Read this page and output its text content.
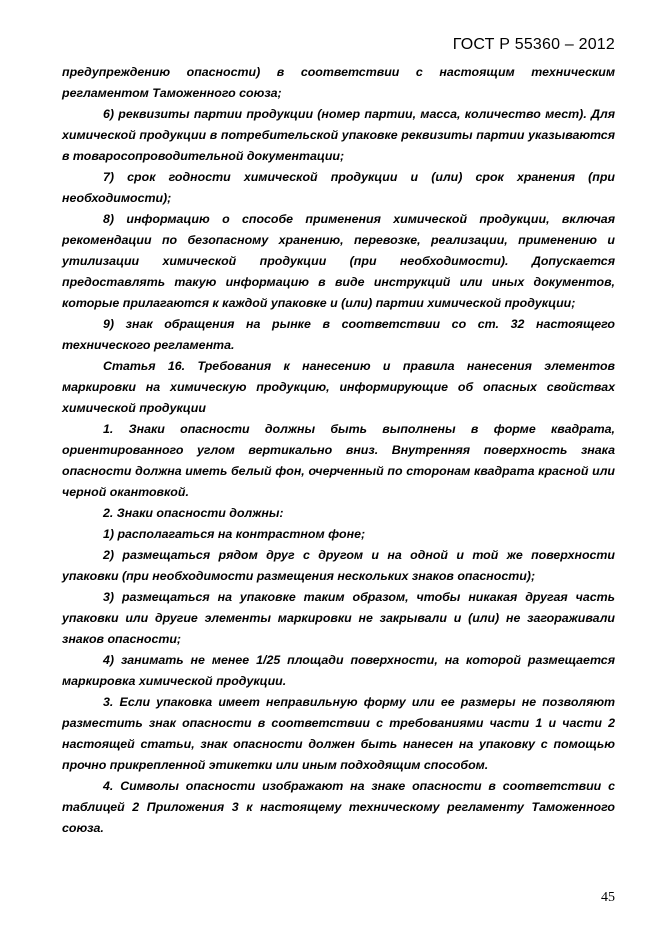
ГОСТ Р 55360 – 2012

предупреждению опасности) в соответствии с настоящим техническим регламентом Таможенного союза;

6) реквизиты партии продукции (номер партии, масса, количество мест). Для химической продукции в потребительской упаковке реквизиты партии указываются в товаросопроводительной документации;

7) срок годности химической продукции и (или) срок хранения (при необходимости);

8) информацию о способе применения химической продукции, включая рекомендации по безопасному хранению, перевозке, реализации, применению и утилизации химической продукции (при необходимости). Допускается предоставлять такую информацию в виде инструкций или иных документов, которые прилагаются к каждой упаковке и (или) партии химической продукции;

9) знак обращения на рынке в соответствии со ст. 32 настоящего технического регламента.

Статья 16. Требования к нанесению и правила нанесения элементов маркировки на химическую продукцию, информирующие об опасных свойствах химической продукции

1. Знаки опасности должны быть выполнены в форме квадрата, ориентированного углом вертикально вниз. Внутренняя поверхность знака опасности должна иметь белый фон, очерченный по сторонам квадрата красной или черной окантовкой.

2. Знаки опасности должны:

1) располагаться на контрастном фоне;

2) размещаться рядом друг с другом и на одной и той же поверхности упаковки (при необходимости размещения нескольких знаков опасности);

3) размещаться на упаковке таким образом, чтобы никакая другая часть упаковки или другие элементы маркировки не закрывали и (или) не загораживали знаков опасности;

4) занимать не менее 1/25 площади поверхности, на которой размещается маркировка химической продукции.

3. Если упаковка имеет неправильную форму или ее размеры не позволяют разместить знак опасности в соответствии с требованиями части 1 и части 2 настоящей статьи, знак опасности должен быть нанесен на упаковку с помощью прочно прикрепленной этикетки или иным подходящим способом.

4. Символы опасности изображают на знаке опасности в соответствии с таблицей 2 Приложения 3 к настоящему техническому регламенту Таможенного союза.

45
